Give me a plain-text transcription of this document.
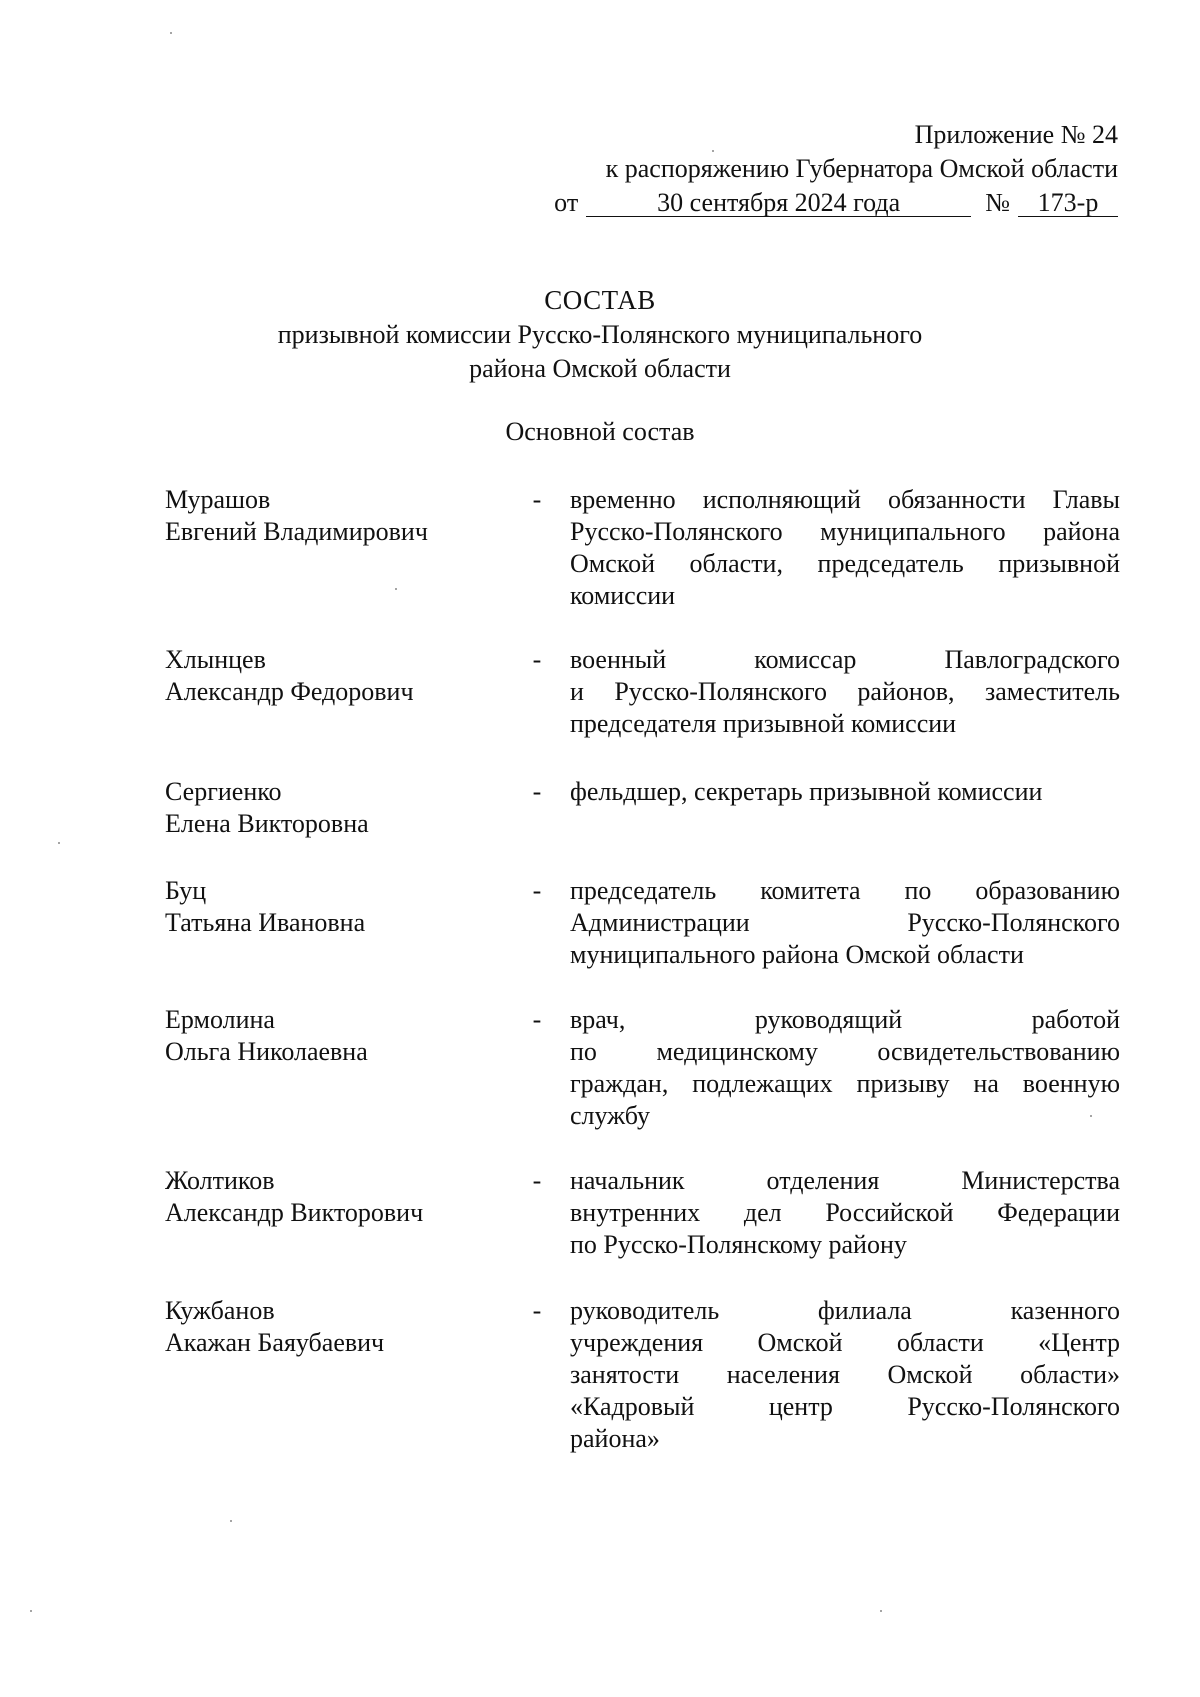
Приложение № 24
к распоряжению Губернатора Омской области
от	30 сентября 2024 года	№ 173-р
СОСТАВ
призывной комиссии Русско-Полянского муниципального
района Омской области
Основной состав
Мурашов
Евгений Владимирович
- временно исполняющий обязанности Главы
Русско-Полянского муниципального района
Омской области, председатель призывной
комиссии
Хлынцев
Александр Федорович
- военный комиссар Павлоградского
и Русско-Полянского районов, заместитель
председателя призывной комиссии
Сергиенко
Елена Викторовна
- фельдшер, секретарь призывной комиссии
Буц
Татьяна Ивановна
- председатель комитета по образованию
Администрации Русско-Полянского
муниципального района Омской области
Ермолина
Ольга Николаевна
- врач, руководящий работой
по медицинскому освидетельствованию
граждан, подлежащих призыву на военную
службу
Жолтиков
Александр Викторович
- начальник отделения Министерства
внутренних дел Российской Федерации
по Русско-Полянскому району
Кужбанов
Акажан Баяубаевич
- руководитель филиала казенного
учреждения Омской области «Центр
занятости населения Омской области»
«Кадровый центр Русско-Полянского
района»
